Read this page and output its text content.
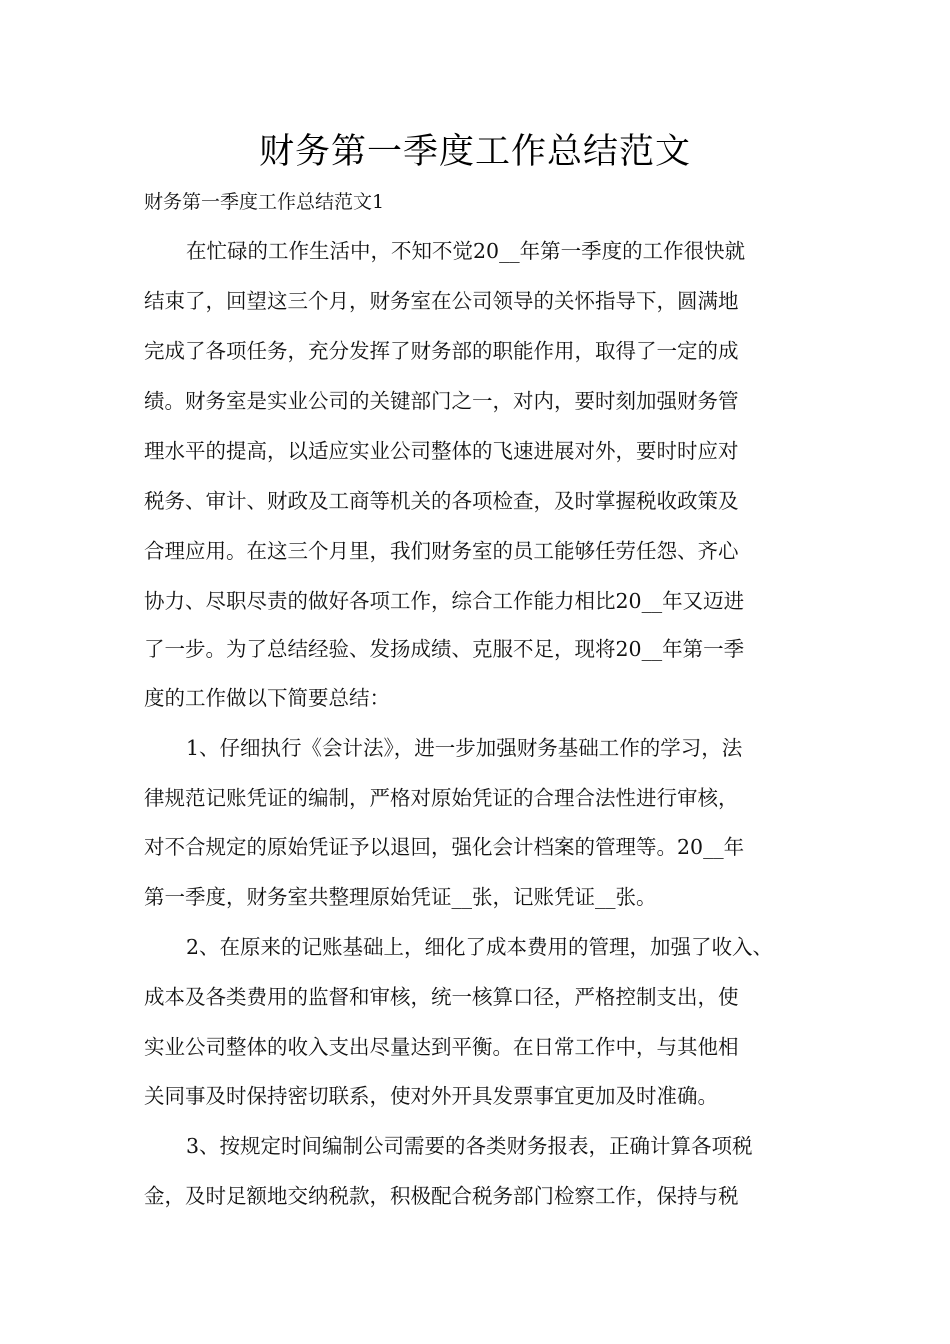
财务第一季度工作总结范文
财务第一季度工作总结范文1
在忙碌的工作生活中，不知不觉20__年第一季度的工作很快就
结束了，回望这三个月，财务室在公司领导的关怀指导下，圆满地
完成了各项任务，充分发挥了财务部的职能作用，取得了一定的成
绩。财务室是实业公司的关键部门之一，对内，要时刻加强财务管
理水平的提高，以适应实业公司整体的飞速进展对外，要时时应对
税务、审计、财政及工商等机关的各项检查，及时掌握税收政策及
合理应用。在这三个月里，我们财务室的员工能够任劳任怨、齐心
协力、尽职尽责的做好各项工作，综合工作能力相比20__年又迈进
了一步。为了总结经验、发扬成绩、克服不足，现将20__年第一季
度的工作做以下简要总结：
1、仔细执行《会计法》，进一步加强财务基础工作的学习，法
律规范记账凭证的编制，严格对原始凭证的合理合法性进行审核，
对不合规定的原始凭证予以退回，强化会计档案的管理等。20__年
第一季度，财务室共整理原始凭证__张，记账凭证__张。
2、在原来的记账基础上，细化了成本费用的管理，加强了收入、
成本及各类费用的监督和审核，统一核算口径，严格控制支出，使
实业公司整体的收入支出尽量达到平衡。在日常工作中，与其他相
关同事及时保持密切联系，使对外开具发票事宜更加及时准确。
3、按规定时间编制公司需要的各类财务报表，正确计算各项税
金，及时足额地交纳税款，积极配合税务部门检察工作，保持与税
